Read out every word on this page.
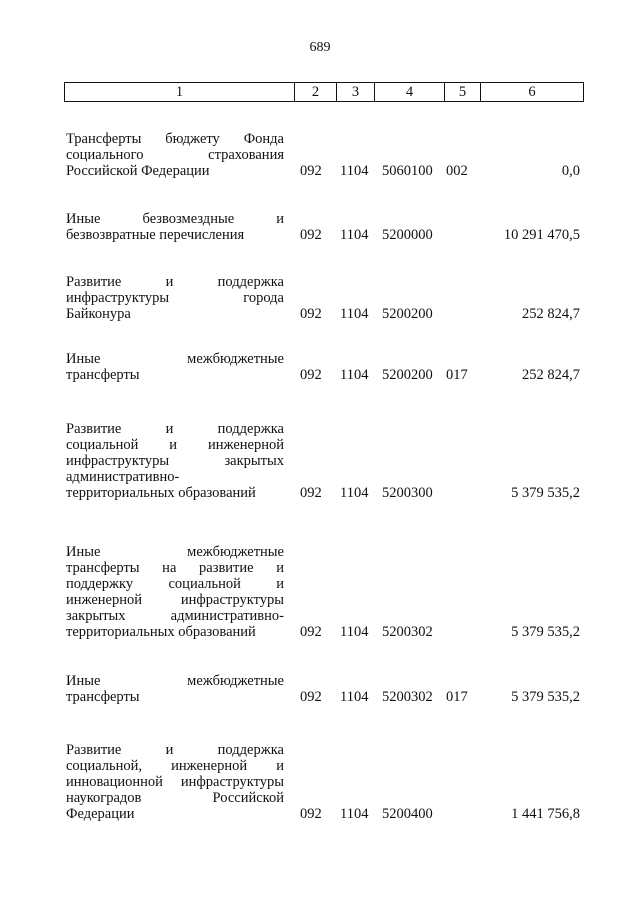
689
1	2	3	4	5	6
Трансферты бюджету Фонда
социального страхования
Российской Федерации	092 1104 5060100 002	0,0
Иные безвозмездные и
безвозвратные перечисления	092 1104 5200000	10 291 470,5
Развитие и поддержка
инфраструктуры города
Байконура	092 1104 5200200	252 824,7
Иные межбюджетные
трансферты	092 1104 5200200 017	252 824,7
Развитие и поддержка
социальной и инженерной
инфраструктуры закрытых
административно-
территориальных образований	092 1104 5200300	5 379 535,2
Иные межбюджетные
трансферты на развитие и
поддержку социальной и
инженерной инфраструктуры
закрытых административно-
территориальных образований	092 1104 5200302	5 379 535,2
Иные межбюджетные
трансферты	092 1104 5200302 017	5 379 535,2
Развитие и поддержка
социальной, инженерной и
инновационной инфраструктуры
наукоградов Российской
Федерации	092 1104 5200400	1 441 756,8
